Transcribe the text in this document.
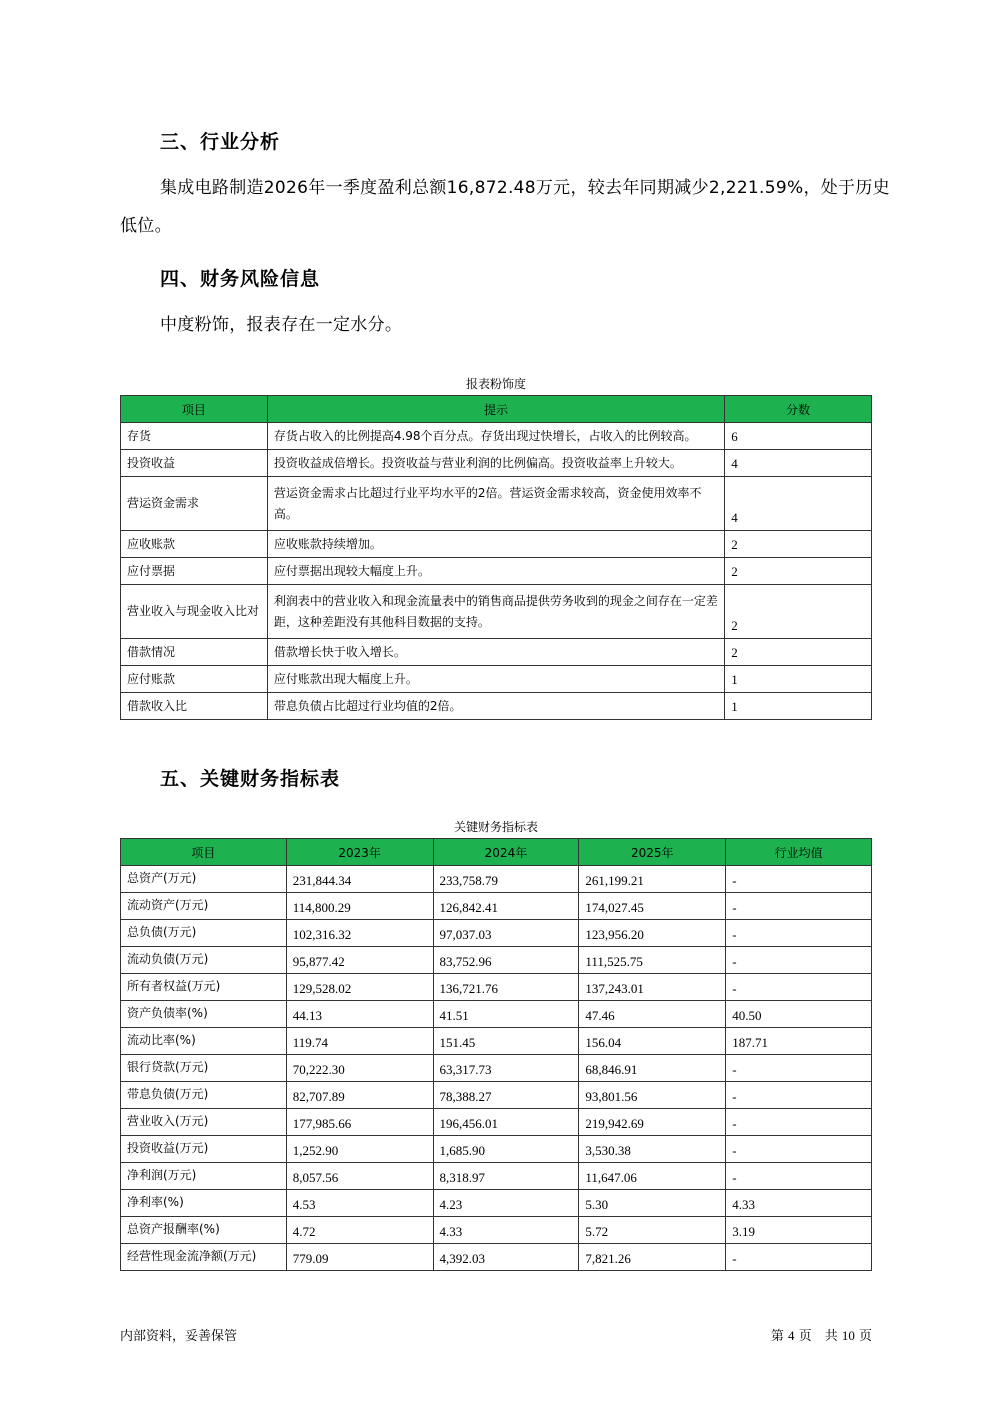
三、行业分析
集成电路制造2026年一季度盈利总额16,872.48万元，较去年同期减少2,221.59%，处于历史
低位。
四、财务风险信息
中度粉饰，报表存在一定水分。
报表粉饰度
项目	提示	分数
存货	存货占收入的比例提高4.98个百分点。存货出现过快增长，占收入的比例较高。	6
投资收益	投资收益成倍增长。投资收益与营业利润的比例偏高。投资收益率上升较大。	4
营运资金需求	营运资金需求占比超过行业平均水平的2倍。营运资金需求较高，资金使用效率不高。	4
应收账款	应收账款持续增加。	2
应付票据	应付票据出现较大幅度上升。	2
营业收入与现金收入比对	利润表中的营业收入和现金流量表中的销售商品提供劳务收到的现金之间存在一定差距，这种差距没有其他科目数据的支持。	2
借款情况	借款增长快于收入增长。	2
应付账款	应付账款出现大幅度上升。	1
借款收入比	带息负债占比超过行业均值的2倍。	1
五、关键财务指标表
关键财务指标表
项目	2023年	2024年	2025年	行业均值
总资产(万元)	231,844.34	233,758.79	261,199.21	-
流动资产(万元)	114,800.29	126,842.41	174,027.45	-
总负债(万元)	102,316.32	97,037.03	123,956.20	-
流动负债(万元)	95,877.42	83,752.96	111,525.75	-
所有者权益(万元)	129,528.02	136,721.76	137,243.01	-
资产负债率(%)	44.13	41.51	47.46	40.50
流动比率(%)	119.74	151.45	156.04	187.71
银行贷款(万元)	70,222.30	63,317.73	68,846.91	-
带息负债(万元)	82,707.89	78,388.27	93,801.56	-
营业收入(万元)	177,985.66	196,456.01	219,942.69	-
投资收益(万元)	1,252.90	1,685.90	3,530.38	-
净利润(万元)	8,057.56	8,318.97	11,647.06	-
净利率(%)	4.53	4.23	5.30	4.33
总资产报酬率(%)	4.72	4.33	5.72	3.19
经营性现金流净额(万元)	779.09	4,392.03	7,821.26	-
内部资料，妥善保管	第 4 页　共 10 页
